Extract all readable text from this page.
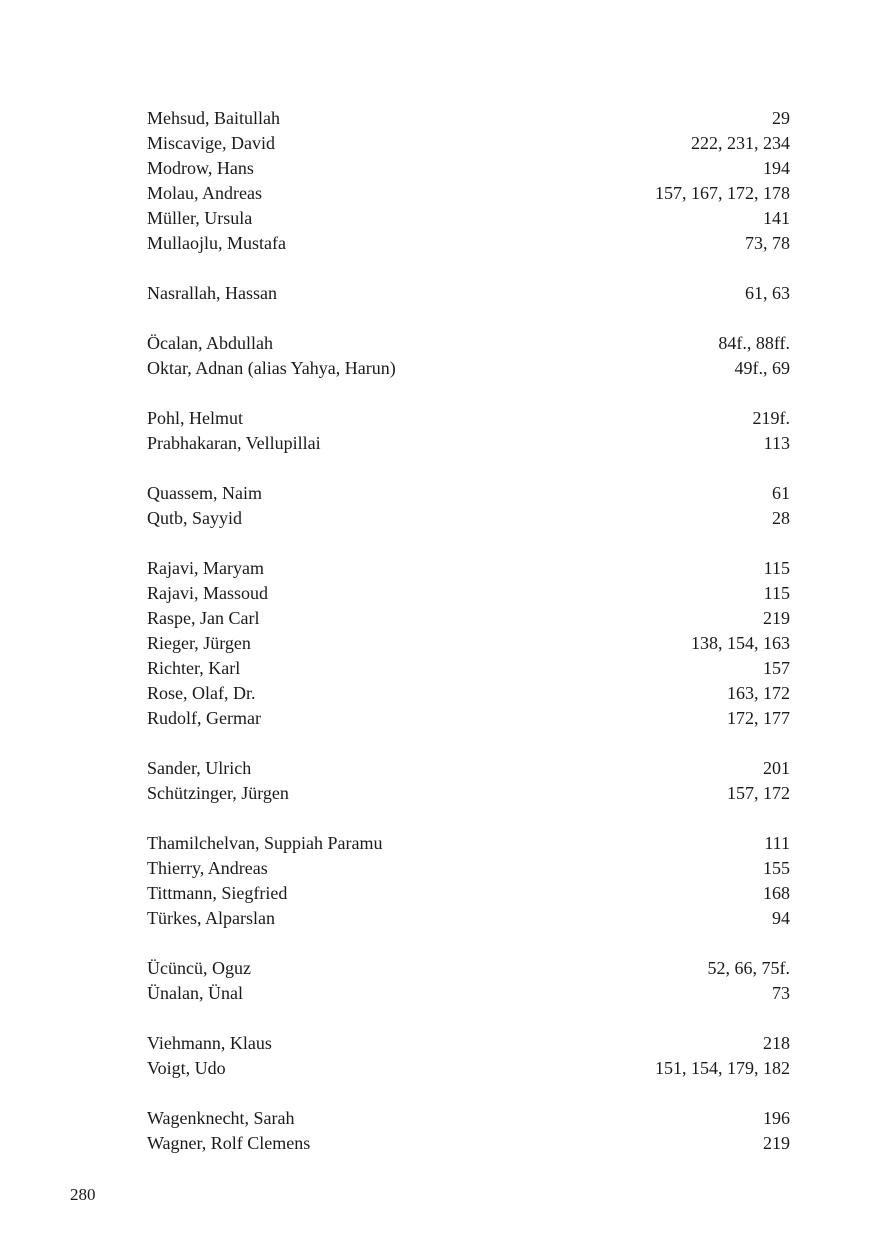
Mehsud, Baitullah	29
Miscavige, David	222, 231, 234
Modrow, Hans	194
Molau, Andreas	157, 167, 172, 178
Müller, Ursula	141
Mullaojlu, Mustafa	73, 78
Nasrallah, Hassan	61, 63
Öcalan, Abdullah	84f., 88ff.
Oktar, Adnan (alias Yahya, Harun)	49f., 69
Pohl, Helmut	219f.
Prabhakaran, Vellupillai	113
Quassem, Naim	61
Qutb, Sayyid	28
Rajavi, Maryam	115
Rajavi, Massoud	115
Raspe, Jan Carl	219
Rieger, Jürgen	138, 154, 163
Richter, Karl	157
Rose, Olaf, Dr.	163, 172
Rudolf, Germar	172, 177
Sander, Ulrich	201
Schützinger, Jürgen	157, 172
Thamilchelvan, Suppiah Paramu	111
Thierry, Andreas	155
Tittmann, Siegfried	168
Türkes, Alparslan	94
Ücüncü, Oguz	52, 66, 75f.
Ünalan, Ünal	73
Viehmann, Klaus	218
Voigt, Udo	151, 154, 179, 182
Wagenknecht, Sarah	196
Wagner, Rolf Clemens	219
280
